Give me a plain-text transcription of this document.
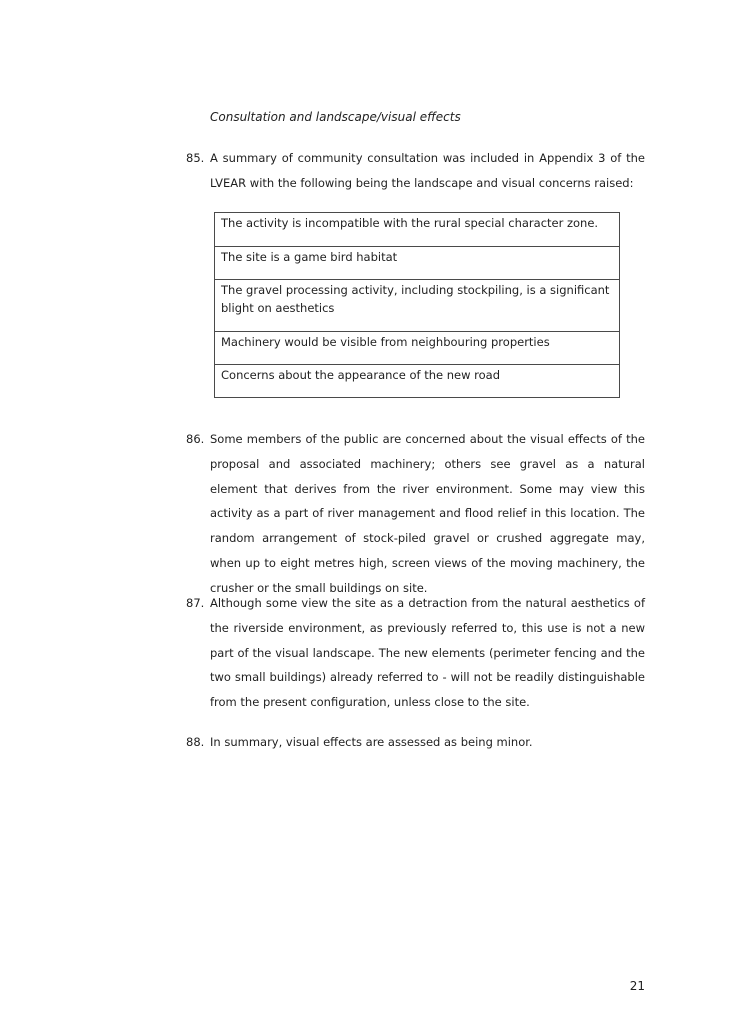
Consultation and landscape/visual effects
85. A summary of community consultation was included in Appendix 3 of the LVEAR with the following being the landscape and visual concerns raised:
The activity is incompatible with the rural special character zone.
The site is a game bird habitat
The gravel processing activity, including stockpiling, is a significant blight on aesthetics
Machinery would be visible from neighbouring properties
Concerns about the appearance of the new road
86. Some members of the public are concerned about the visual effects of the proposal and associated machinery; others see gravel as a natural element that derives from the river environment. Some may view this activity as a part of river management and flood relief in this location. The random arrangement of stock-piled gravel or crushed aggregate may, when up to eight metres high, screen views of the moving machinery, the crusher or the small buildings on site.
87. Although some view the site as a detraction from the natural aesthetics of the riverside environment, as previously referred to, this use is not a new part of the visual landscape. The new elements (perimeter fencing and the two small buildings) already referred to - will not be readily distinguishable from the present configuration, unless close to the site.
88. In summary, visual effects are assessed as being minor.
21
